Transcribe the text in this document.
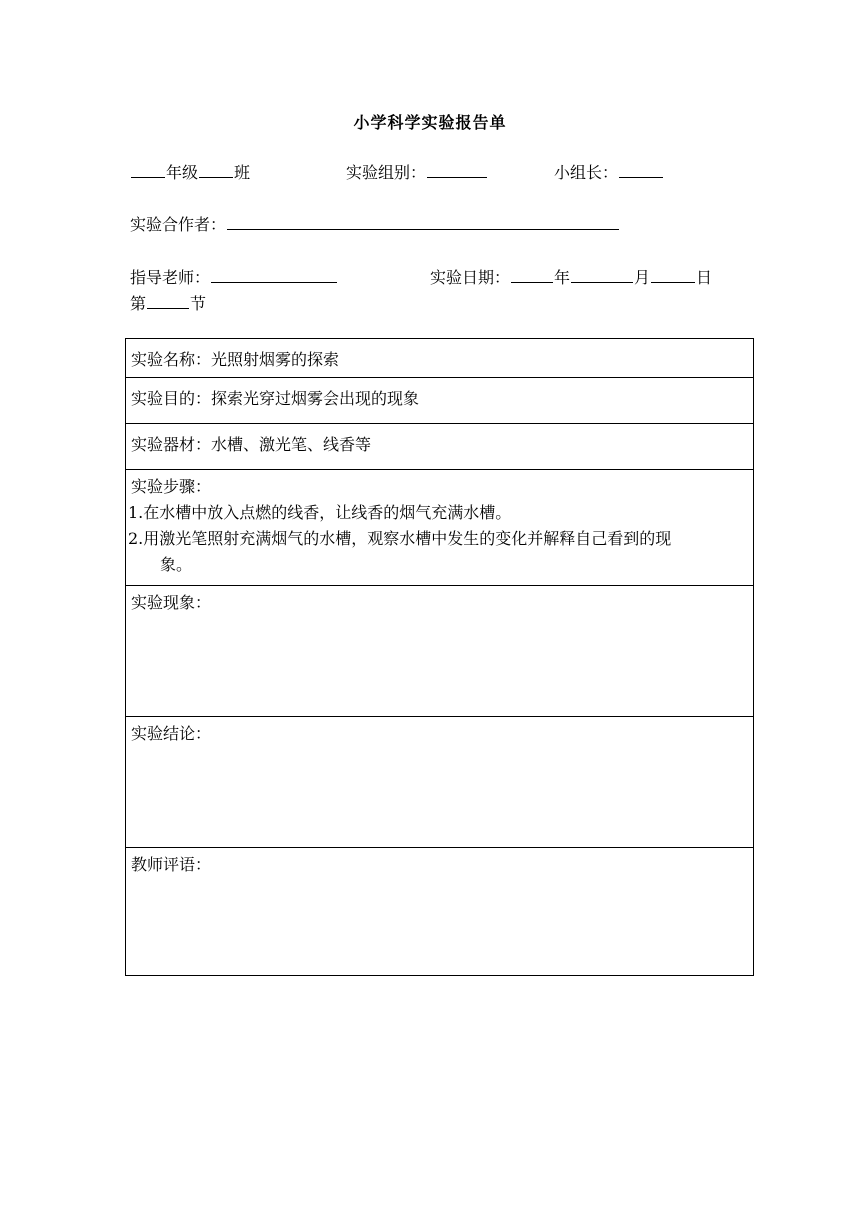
小学科学实验报告单
年级 班	实验组别：	小组长：
实验合作者：
指导老师：	实验日期：	年	月	日
第	节
实验名称：光照射烟雾的探索
实验目的：探索光穿过烟雾会出现的现象
实验器材：水槽、激光笔、线香等

实验步骤：
1.在水槽中放入点燃的线香，让线香的烟气充满水槽。
2.用激光笔照射充满烟气的水槽，观察水槽中发生的变化并解释自己看到的现
象。

实验现象：
实验结论：
教师评语：
